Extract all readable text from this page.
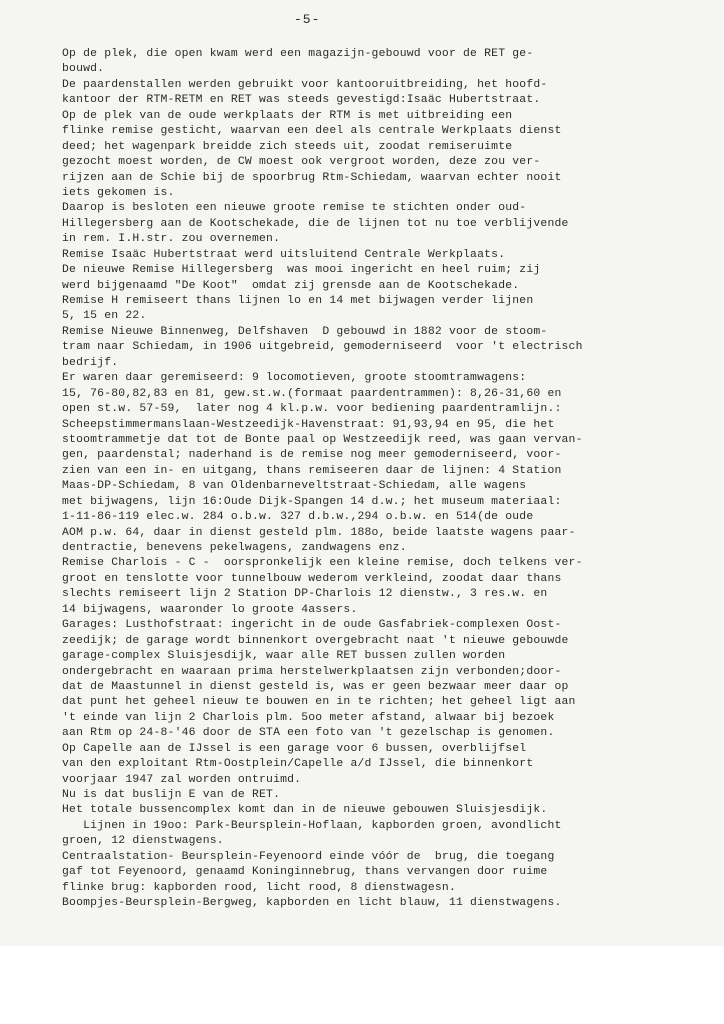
-5-
Op de plek, die open kwam werd een magazijn-gebouwd voor de RET ge-
bouwd.
De paardenstallen werden gebruikt voor kantooruitbreiding, het hoofd-
kantoor der RTM-RETM en RET was steeds gevestigd:Isaäc Hubertstraat.
Op de plek van de oude werkplaats der RTM is met uitbreiding een
flinke remise gesticht, waarvan een deel als centrale Werkplaats dienst
deed; het wagenpark breidde zich steeds uit, zoodat remiseruimte
gezocht moest worden, de CW moest ook vergroot worden, deze zou ver-
rijzen aan de Schie bij de spoorbrug Rtm-Schiedam, waarvan echter nooit
iets gekomen is.
Daarop is besloten een nieuwe groote remise te stichten onder oud-
Hillegersberg aan de Kootschekade, die de lijnen tot nu toe verblijvende
in rem. I.H.str. zou overnemen.
Remise Isaäc Hubertstraat werd uitsluitend Centrale Werkplaats.
De nieuwe Remise Hillegersberg  was mooi ingericht en heel ruim; zij
werd bijgenaamd "De Koot"  omdat zij grensde aan de Kootschekade.
Remise H remiseert thans lijnen lo en 14 met bijwagen verder lijnen
5, 15 en 22.
Remise Nieuwe Binnenweg, Delfshaven  D gebouwd in 1882 voor de stoom-
tram naar Schiedam, in 1906 uitgebreid, gemoderniseerd  voor 't electrisch
bedrijf.
Er waren daar geremiseerd: 9 locomotieven, groote stoomtramwagens:
15, 76-80,82,83 en 81, gew.st.w.(formaat paardentrammen): 8,26-31,60 en
open st.w. 57-59,  later nog 4 kl.p.w. voor bediening paardentramlijn.:
Scheepstimmermanslaan-Westzeedijk-Havenstraat: 91,93,94 en 95, die het
stoomtrammetje dat tot de Bonte paal op Westzeedijk reed, was gaan vervan-
gen, paardenstal; naderhand is de remise nog meer gemoderniseerd, voor-
zien van een in- en uitgang, thans remiseeren daar de lijnen: 4 Station
Maas-DP-Schiedam, 8 van Oldenbarneveltstraat-Schiedam, alle wagens
met bijwagens, lijn 16:Oude Dijk-Spangen 14 d.w.; het museum materiaal:
1-11-86-119 elec.w. 284 o.b.w. 327 d.b.w.,294 o.b.w. en 514(de oude
AOM p.w. 64, daar in dienst gesteld plm. 188o, beide laatste wagens paar-
dentractie, benevens pekelwagens, zandwagens enz.
Remise Charlois - C -  oorspronkelijk een kleine remise, doch telkens ver-
groot en tenslotte voor tunnelbouw wederom verkleind, zoodat daar thans
slechts remiseert lijn 2 Station DP-Charlois 12 dienstw., 3 res.w. en
14 bijwagens, waaronder lo groote 4assers.
Garages: Lusthofstraat: ingericht in de oude Gasfabriek-complexen Oost-
zeedijk; de garage wordt binnenkort overgebracht naat 't nieuwe gebouwde
garage-complex Sluisjesdijk, waar alle RET bussen zullen worden
ondergebracht en waaraan prima herstelwerkplaatsen zijn verbonden;door-
dat de Maastunnel in dienst gesteld is, was er geen bezwaar meer daar op
dat punt het geheel nieuw te bouwen en in te richten; het geheel ligt aan
't einde van lijn 2 Charlois plm. 5oo meter afstand, alwaar bij bezoek
aan Rtm op 24-8-'46 door de STA een foto van 't gezelschap is genomen.
Op Capelle aan de IJssel is een garage voor 6 bussen, overblijfsel
van den exploitant Rtm-Oostplein/Capelle a/d IJssel, die binnenkort
voorjaar 1947 zal worden ontruimd.
Nu is dat buslijn E van de RET.
Het totale bussencomplex komt dan in de nieuwe gebouwen Sluisjesdijk.
Lijnen in 19oo: Park-Beursplein-Hoflaan, kapborden groen, avondlicht
groen, 12 dienstwagens.
Centraalstation- Beursplein-Feyenoord einde vóór de  brug, die toegang
gaf tot Feyenoord, genaamd Koninginnebrug, thans vervangen door ruime
flinke brug: kapborden rood, licht rood, 8 dienstwagesn.
Boompjes-Beursplein-Bergweg, kapborden en licht blauw, 11 dienstwagens.
